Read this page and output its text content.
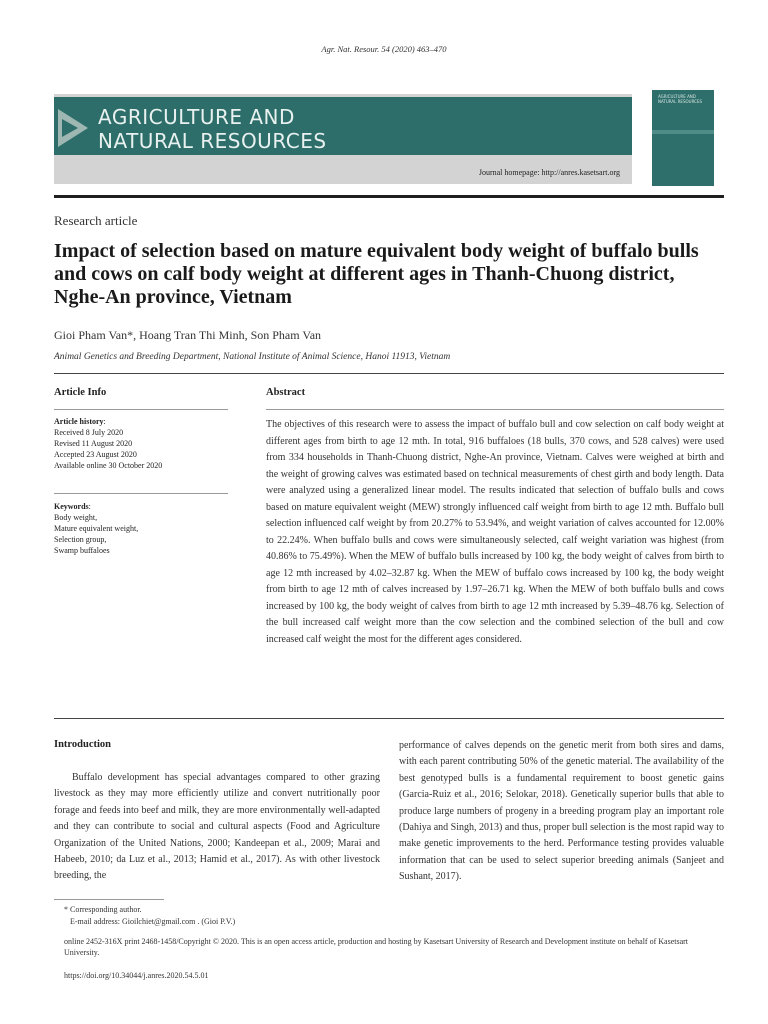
Agr. Nat. Resour. 54 (2020) 463–470
AGRICULTURE AND
NATURAL RESOURCES
Journal homepage: http://anres.kasetsart.org
AGRICULTURE AND
NATURAL RESOURCES
Research article
Impact of selection based on mature equivalent body weight of buffalo bulls and cows on calf body weight at different ages in Thanh-Chuong district, Nghe-An province, Vietnam
Gioi Pham Van*, Hoang Tran Thi Minh, Son Pham Van
Animal Genetics and Breeding Department, National Institute of Animal Science, Hanoi 11913, Vietnam
Article Info	Abstract
Article history:
Received 8 July 2020
Revised 11 August 2020
Accepted 23 August 2020
Available online 30 October 2020
Keywords:
Body weight,
Mature equivalent weight,
Selection group,
Swamp buffaloes

The objectives of this research were to assess the impact of buffalo bull and cow selection on calf body weight at different ages from birth to age 12 mth. In total, 916 buffaloes (18 bulls, 370 cows, and 528 calves) were used from 334 households in Thanh-Chuong district, Nghe-An province, Vietnam. Calves were weighed at birth and the weight of growing calves was estimated based on technical measurements of chest girth and body length. Data were analyzed using a generalized linear model. The results indicated that selection of buffalo bulls and cows based on mature equivalent weight (MEW) strongly influenced calf weight from birth to age 12 mth. Buffalo bull selection influenced calf weight by from 20.27% to 53.94%, and weight variation of calves accounted for 12.00% to 22.24%. When buffalo bulls and cows were simultaneously selected, calf weight variation was highest (from 40.86% to 75.49%). When the MEW of buffalo bulls increased by 100 kg, the body weight of calves from birth to age 12 mth increased by 4.02–32.87 kg. When the MEW of buffalo cows increased by 100 kg, the body weight from birth to age 12 mth of calves increased by 1.97–26.71 kg. When the MEW of both buffalo bulls and cows increased by 100 kg, the body weight of calves from birth to age 12 mth increased by 5.39–48.76 kg. Selection of the bull increased calf weight more than the cow selection and the combined selection of the bull and cow increased calf weight the most for the different ages considered.

Introduction

Buffalo development has special advantages compared to other grazing livestock as they may more efficiently utilize and convert nutritionally poor forage and feeds into beef and milk, they are more environmentally well-adapted and they can contribute to social and cultural aspects (Food and Agriculture Organization of the United Nations, 2000; Kandeepan et al., 2009; Marai and Habeeb, 2010; da Luz et al., 2013; Hamid et al., 2017). As with other livestock breeding, the

performance of calves depends on the genetic merit from both sires and dams, with each parent contributing 50% of the genetic material. The availability of the best genotyped bulls is a fundamental requirement to boost genetic gains (Garcia-Ruiz et al., 2016; Selokar, 2018). Genetically superior bulls that able to produce large numbers of progeny in a breeding program play an important role (Dahiya and Singh, 2013) and thus, proper bull selection is the most rapid way to make genetic improvements to the herd. Performance testing provides valuable information that can be used to select superior breeding animals (Sanjeet and Sushant, 2017).

* Corresponding author.
E-mail address: Gioilchiet@gmail.com . (Gioi P.V.)
online 2452-316X print 2468-1458/Copyright © 2020. This is an open access article, production and hosting by Kasetsart University of Research and Development institute on behalf of Kasetsart University.
https://doi.org/10.34044/j.anres.2020.54.5.01
